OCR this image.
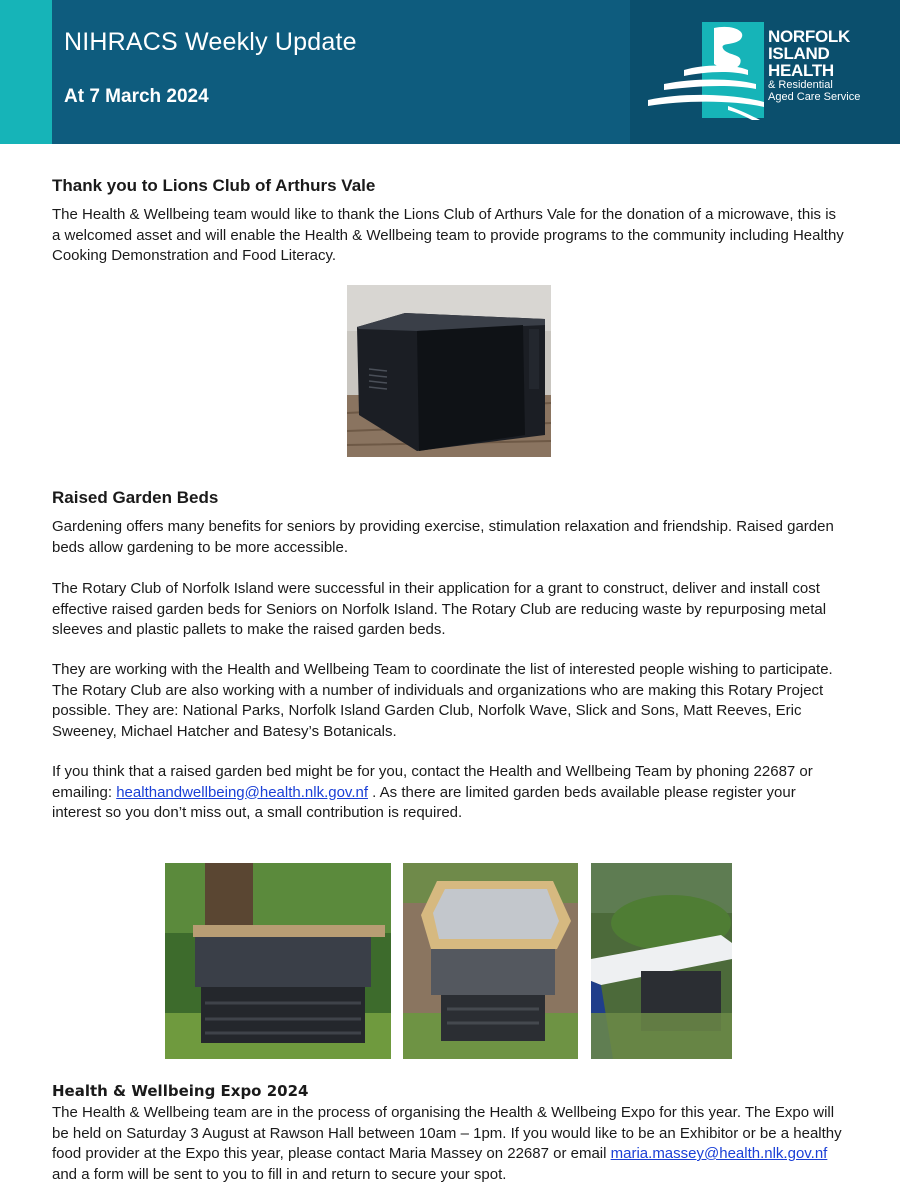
NIHRACS Weekly Update
At 7 March 2024
NORFOLK
ISLAND
HEALTH
& Residential
Aged Care Service
Thank you to Lions Club of Arthurs Vale

The Health & Wellbeing team would like to thank the Lions Club of Arthurs Vale for the donation of a microwave, this is a welcomed asset and will enable the Health & Wellbeing team to provide programs to the community including Healthy Cooking Demonstration and Food Literacy.

Raised Garden Beds

Gardening offers many benefits for seniors by providing exercise, stimulation relaxation and friendship. Raised garden beds allow gardening to be more accessible.

The Rotary Club of Norfolk Island were successful in their application for a grant to construct, deliver and install cost effective raised garden beds for Seniors on Norfolk Island. The Rotary Club are reducing waste by repurposing metal sleeves and plastic pallets to make the raised garden beds.

They are working with the Health and Wellbeing Team to coordinate the list of interested people wishing to participate. The Rotary Club are also working with a number of individuals and organizations who are making this Rotary Project possible. They are: National Parks, Norfolk Island Garden Club, Norfolk Wave, Slick and Sons, Matt Reeves, Eric Sweeney, Michael Hatcher and Batesy’s Botanicals.

If you think that a raised garden bed might be for you, contact the Health and Wellbeing Team by phoning 22687 or emailing: healthandwellbeing@health.nlk.gov.nf . As there are limited garden beds available please register your interest so you don’t miss out, a small contribution is required.

Health & Wellbeing Expo 2024

The Health & Wellbeing team are in the process of organising the Health & Wellbeing Expo for this year. The Expo will be held on Saturday 3 August at Rawson Hall between 10am – 1pm. If you would like to be an Exhibitor or be a healthy food provider at the Expo this year, please contact Maria Massey on 22687 or email maria.massey@health.nlk.gov.nf and a form will be sent to you to fill in and return to secure your spot.
